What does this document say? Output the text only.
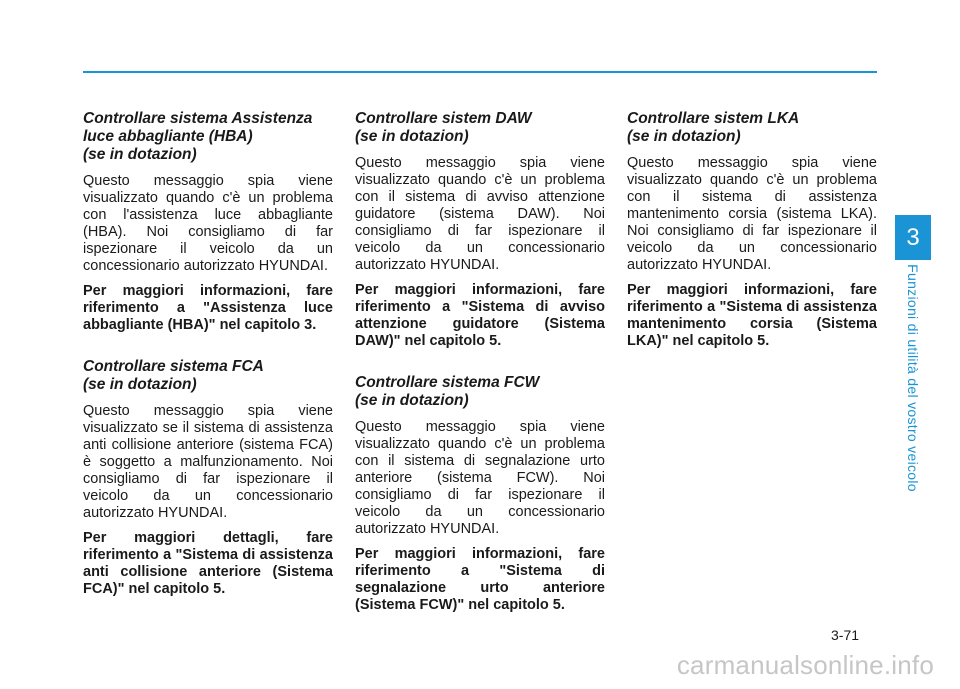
Controllare sistema Assistenza
luce abbagliante (HBA)
(se in dotazion)

Questo messaggio spia viene visualizzato quando c'è un problema con l'assistenza luce abbagliante (HBA). Noi consigliamo di far ispezionare il veicolo da un concessionario autorizzato HYUNDAI.

Per maggiori informazioni, fare riferimento a "Assistenza luce abbagliante (HBA)" nel capitolo 3.

Controllare sistema FCA
(se in dotazion)

Questo messaggio spia viene visualizzato se il sistema di assistenza anti collisione anteriore (sistema FCA) è soggetto a malfunzionamento. Noi consigliamo di far ispezionare il veicolo da un concessionario autorizzato HYUNDAI.

Per maggiori dettagli, fare riferimento a "Sistema di assistenza anti collisione anteriore (Sistema FCA)" nel capitolo 5.

Controllare sistem DAW
(se in dotazion)

Questo messaggio spia viene visualizzato quando c'è un problema con il sistema di avviso attenzione guidatore (sistema DAW). Noi consigliamo di far ispezionare il veicolo da un concessionario autorizzato HYUNDAI.

Per maggiori informazioni, fare riferimento a "Sistema di avviso attenzione guidatore (Sistema DAW)" nel capitolo 5.

Controllare sistema FCW
(se in dotazion)

Questo messaggio spia viene visualizzato quando c'è un problema con il sistema di segnalazione urto anteriore (sistema FCW). Noi consigliamo di far ispezionare il veicolo da un concessionario autorizzato HYUNDAI.

Per maggiori informazioni, fare riferimento a "Sistema di segnalazione urto anteriore (Sistema FCW)" nel capitolo 5.

Controllare sistem LKA
(se in dotazion)

Questo messaggio spia viene visualizzato quando c'è un problema con il sistema di assistenza mantenimento corsia (sistema LKA). Noi consigliamo di far ispezionare il veicolo da un concessionario autorizzato HYUNDAI.

Per maggiori informazioni, fare riferimento a "Sistema di assistenza mantenimento corsia (Sistema LKA)" nel capitolo 5.

3
Funzioni di utilità del vostro veicolo
3-71
carmanualsonline.info
